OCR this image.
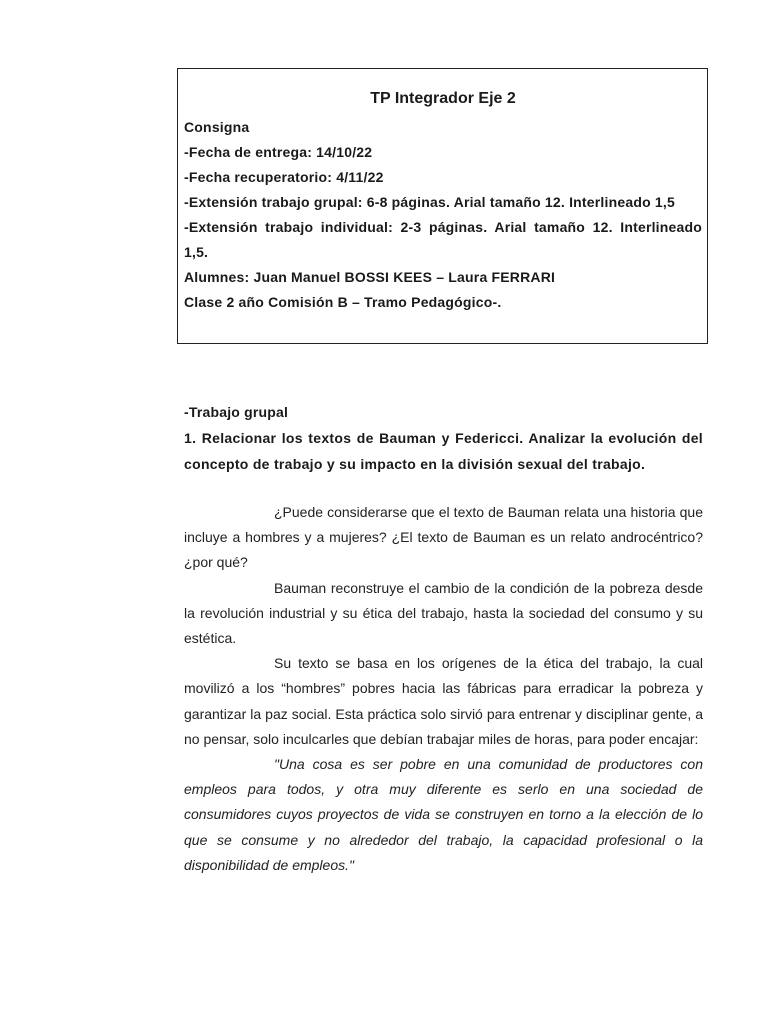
TP Integrador Eje 2
Consigna
-Fecha de entrega: 14/10/22
-Fecha recuperatorio: 4/11/22
-Extensión trabajo grupal: 6-8 páginas. Arial tamaño 12. Interlineado 1,5
-Extensión trabajo individual: 2-3 páginas. Arial tamaño 12. Interlineado 1,5.
Alumnes: Juan Manuel BOSSI KEES – Laura FERRARI
Clase 2 año Comisión B – Tramo Pedagógico-.
-Trabajo grupal
1. Relacionar los textos de Bauman y Federicci. Analizar la evolución del concepto de trabajo y su impacto en la división sexual del trabajo.

¿Puede considerarse que el texto de Bauman relata una historia que incluye a hombres y a mujeres? ¿El texto de Bauman es un relato androcéntrico?¿por qué?

Bauman reconstruye el cambio de la condición de la pobreza desde la revolución industrial y su ética del trabajo, hasta la sociedad del consumo y su estética.

Su texto se basa en los orígenes de la ética del trabajo, la cual movilizó a los “hombres” pobres hacia las fábricas para erradicar la pobreza y garantizar la paz social. Esta práctica solo sirvió para entrenar y disciplinar gente, a no pensar, solo inculcarles que debían trabajar miles de horas, para poder encajar:

"Una cosa es ser pobre en una comunidad de productores con empleos para todos, y otra muy diferente es serlo en una sociedad de consumidores cuyos proyectos de vida se construyen en torno a la elección de lo que se consume y no alrededor del trabajo, la capacidad profesional o la disponibilidad de empleos."
